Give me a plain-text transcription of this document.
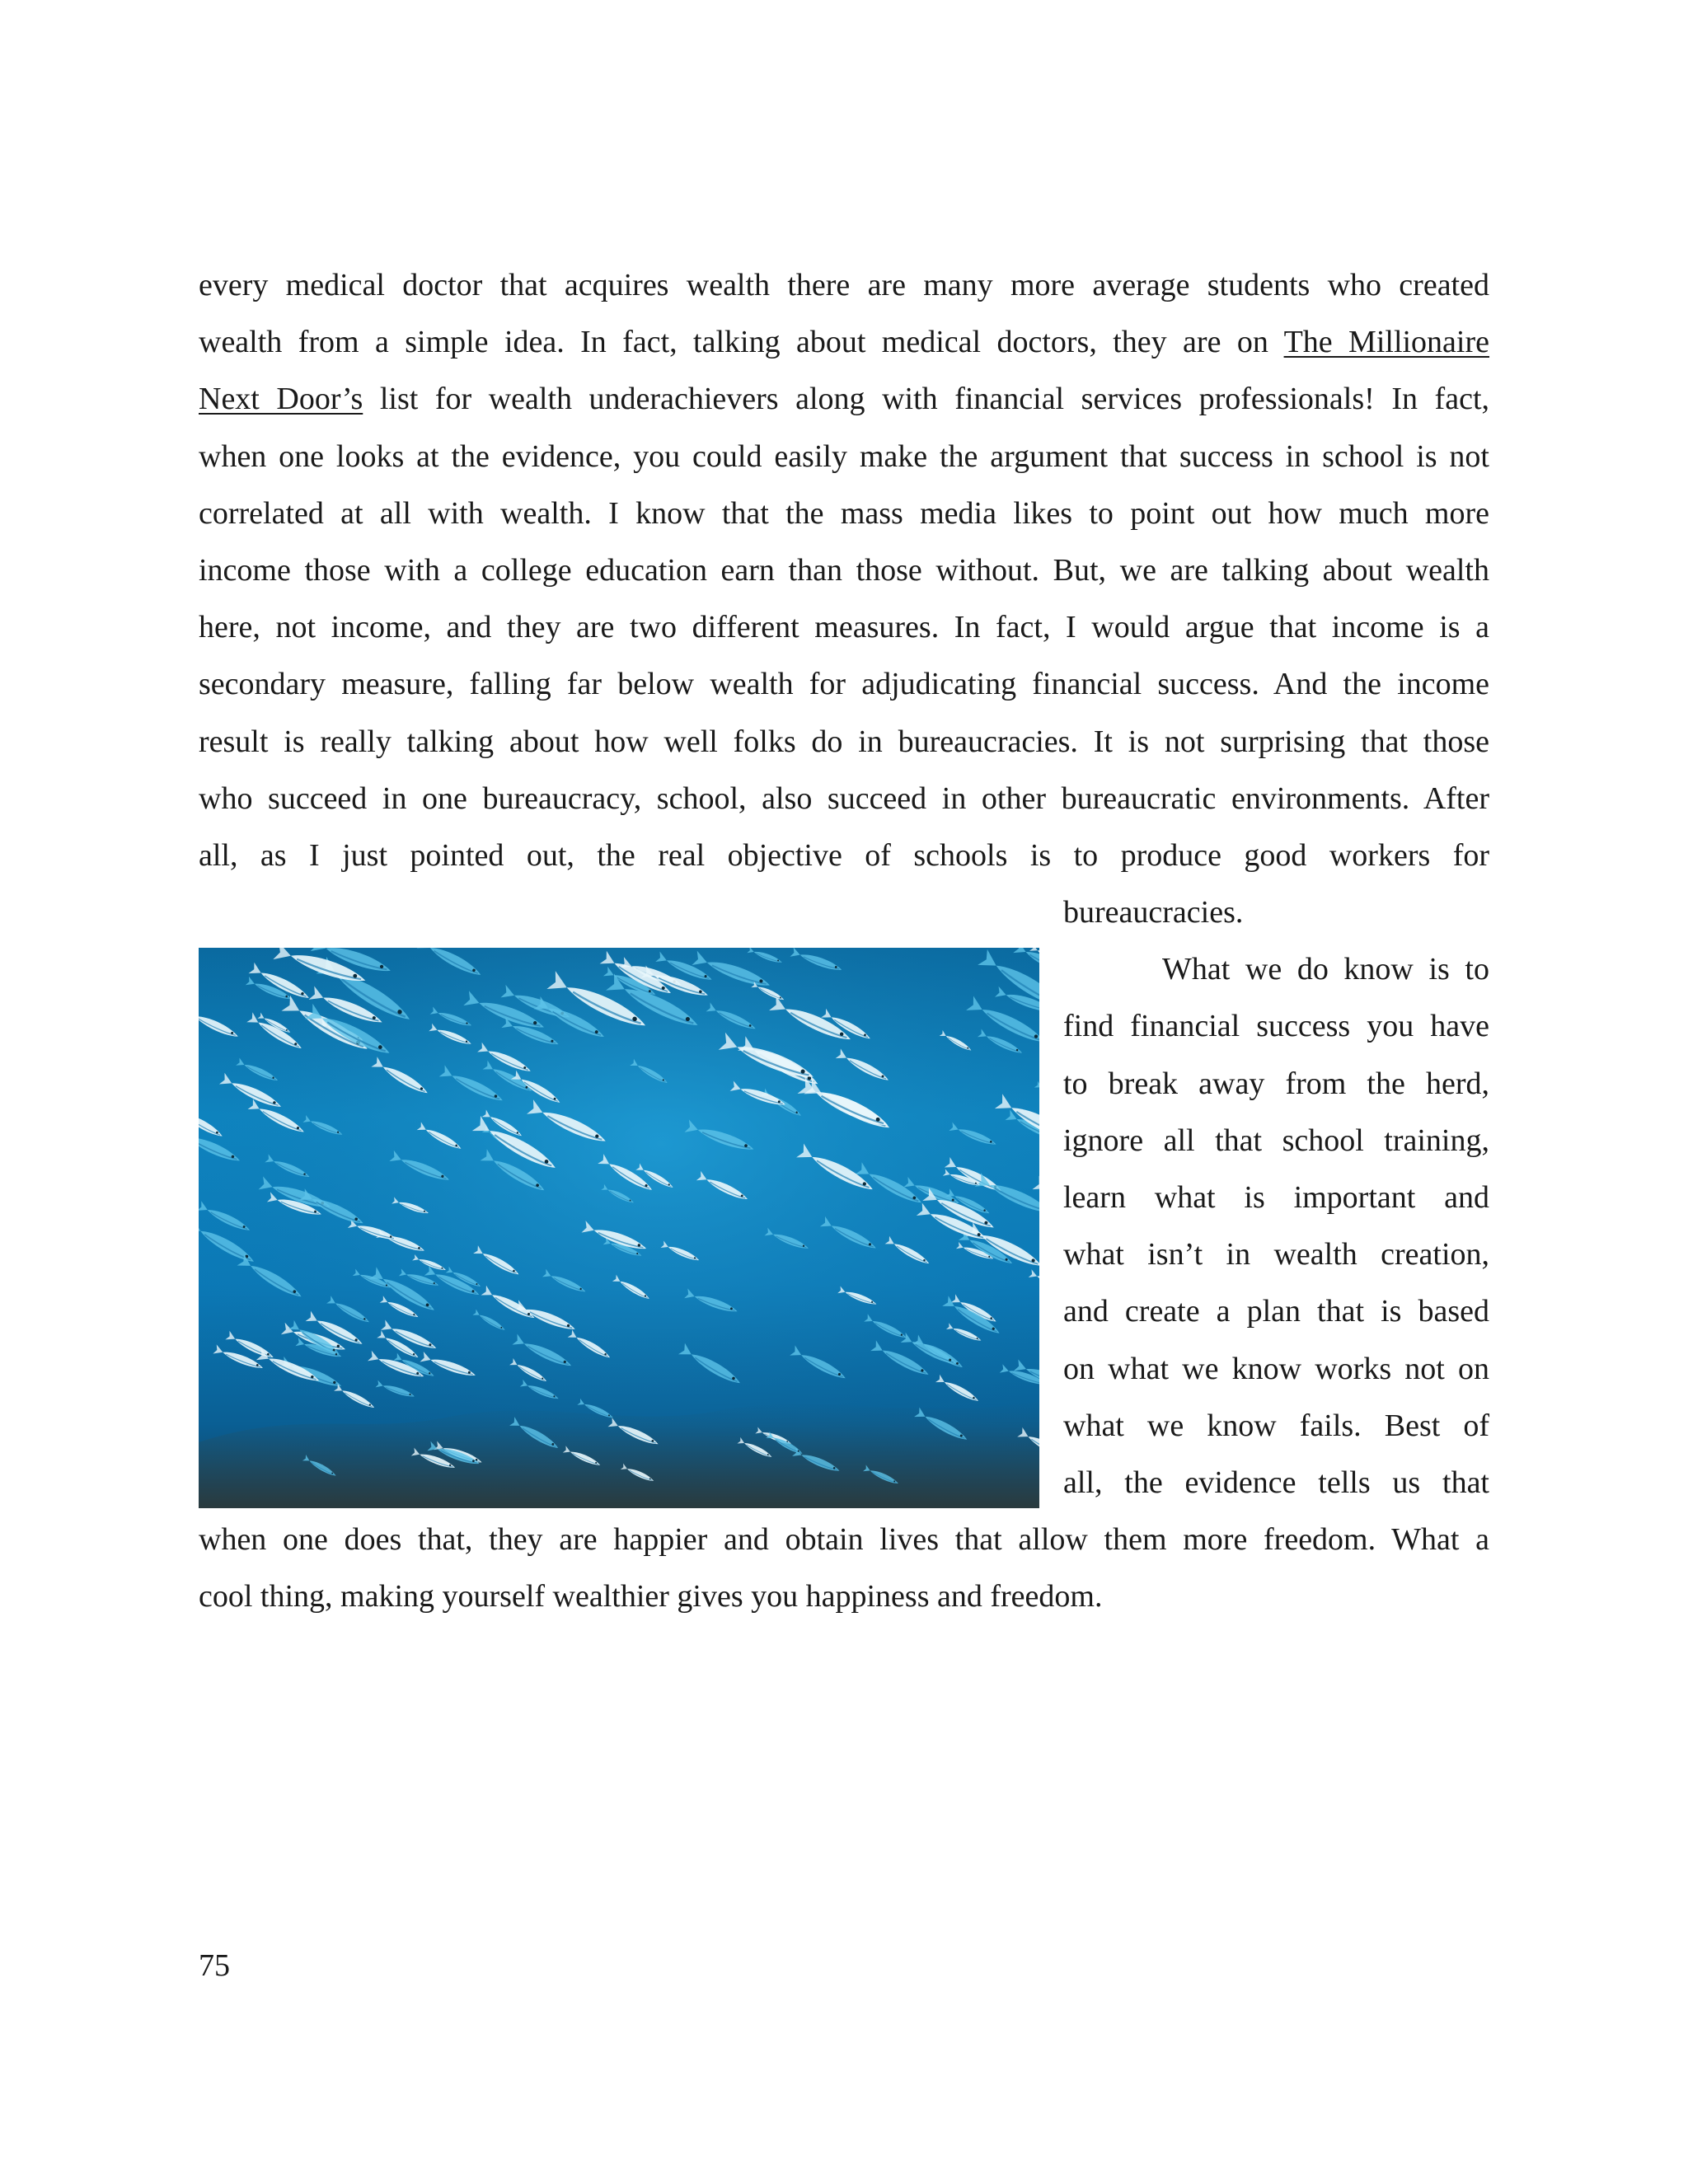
every medical doctor that acquires wealth there are many more average students who created
wealth from a simple idea. In fact, talking about medical doctors, they are on The Millionaire
Next Door’s list for wealth underachievers along with financial services professionals! In fact,
when one looks at the evidence, you could easily make the argument that success in school is not
correlated at all with wealth. I know that the mass media likes to point out how much more
income those with a college education earn than those without. But, we are talking about wealth
here, not income, and they are two different measures. In fact, I would argue that income is a
secondary measure, falling far below wealth for adjudicating financial success. And the income
result is really talking about how well folks do in bureaucracies. It is not surprising that those
who succeed in one bureaucracy, school, also succeed in other bureaucratic environments. After
all, as I just pointed out, the real objective of schools is to produce good workers for
bureaucracies.
What we do know is to
find financial success you have
to break away from the herd,
ignore all that school training,
learn what is important and
what isn’t in wealth creation,
and create a plan that is based
on what we know works not on
what we know fails. Best of
all, the evidence tells us that
when one does that, they are happier and obtain lives that allow them more freedom. What a
cool thing, making yourself wealthier gives you happiness and freedom.
75
